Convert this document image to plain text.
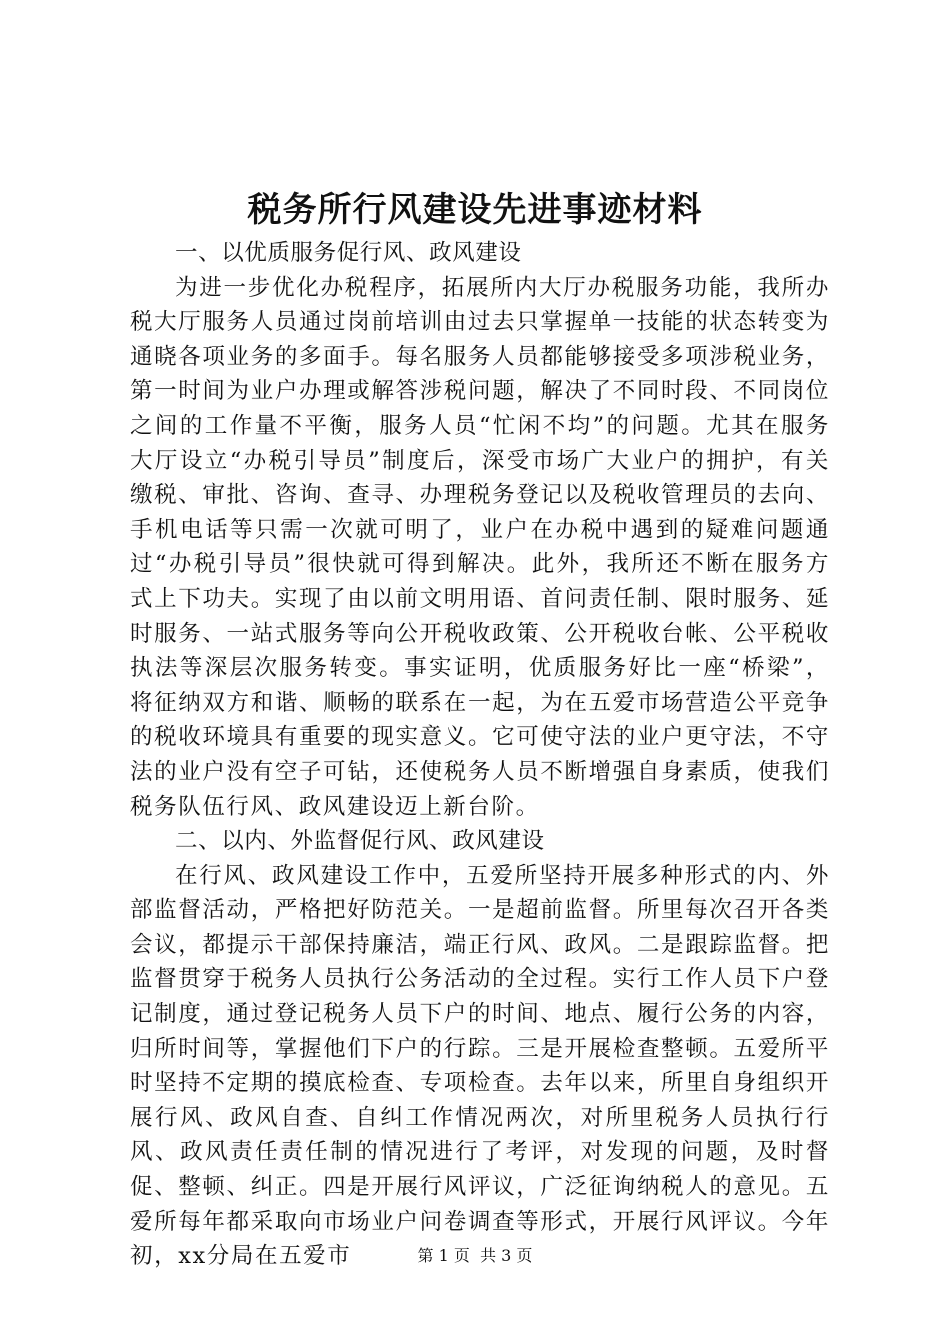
税务所行风建设先进事迹材料

一、以优质服务促行风、政风建设

为进一步优化办税程序，拓展所内大厅办税服务功能，我所办税大厅服务人员通过岗前培训由过去只掌握单一技能的状态转变为通晓各项业务的多面手。每名服务人员都能够接受多项涉税业务，第一时间为业户办理或解答涉税问题，解决了不同时段、不同岗位之间的工作量不平衡，服务人员“忙闲不均”的问题。尤其在服务大厅设立“办税引导员”制度后，深受市场广大业户的拥护，有关缴税、审批、咨询、查寻、办理税务登记以及税收管理员的去向、手机电话等只需一次就可明了，业户在办税中遇到的疑难问题通过“办税引导员”很快就可得到解决。此外，我所还不断在服务方式上下功夫。实现了由以前文明用语、首问责任制、限时服务、延时服务、一站式服务等向公开税收政策、公开税收台帐、公平税收执法等深层次服务转变。事实证明，优质服务好比一座“桥梁”，将征纳双方和谐、顺畅的联系在一起，为在五爱市场营造公平竞争的税收环境具有重要的现实意义。它可使守法的业户更守法，不守法的业户没有空子可钻，还使税务人员不断增强自身素质，使我们税务队伍行风、政风建设迈上新台阶。

二、以内、外监督促行风、政风建设

在行风、政风建设工作中，五爱所坚持开展多种形式的内、外部监督活动，严格把好防范关。一是超前监督。所里每次召开各类会议，都提示干部保持廉洁，端正行风、政风。二是跟踪监督。把监督贯穿于税务人员执行公务活动的全过程。实行工作人员下户登记制度，通过登记税务人员下户的时间、地点、履行公务的内容，归所时间等，掌握他们下户的行踪。三是开展检查整顿。五爱所平时坚持不定期的摸底检查、专项检查。去年以来，所里自身组织开展行风、政风自查、自纠工作情况两次，对所里税务人员执行行风、政风责任责任制的情况进行了考评，对发现的问题，及时督促、整顿、纠正。四是开展行风评议，广泛征询纳税人的意见。五爱所每年都采取向市场业户问卷调查等形式，开展行风评议。今年初，xx分局在五爱市	第 1 页  共 3 页
